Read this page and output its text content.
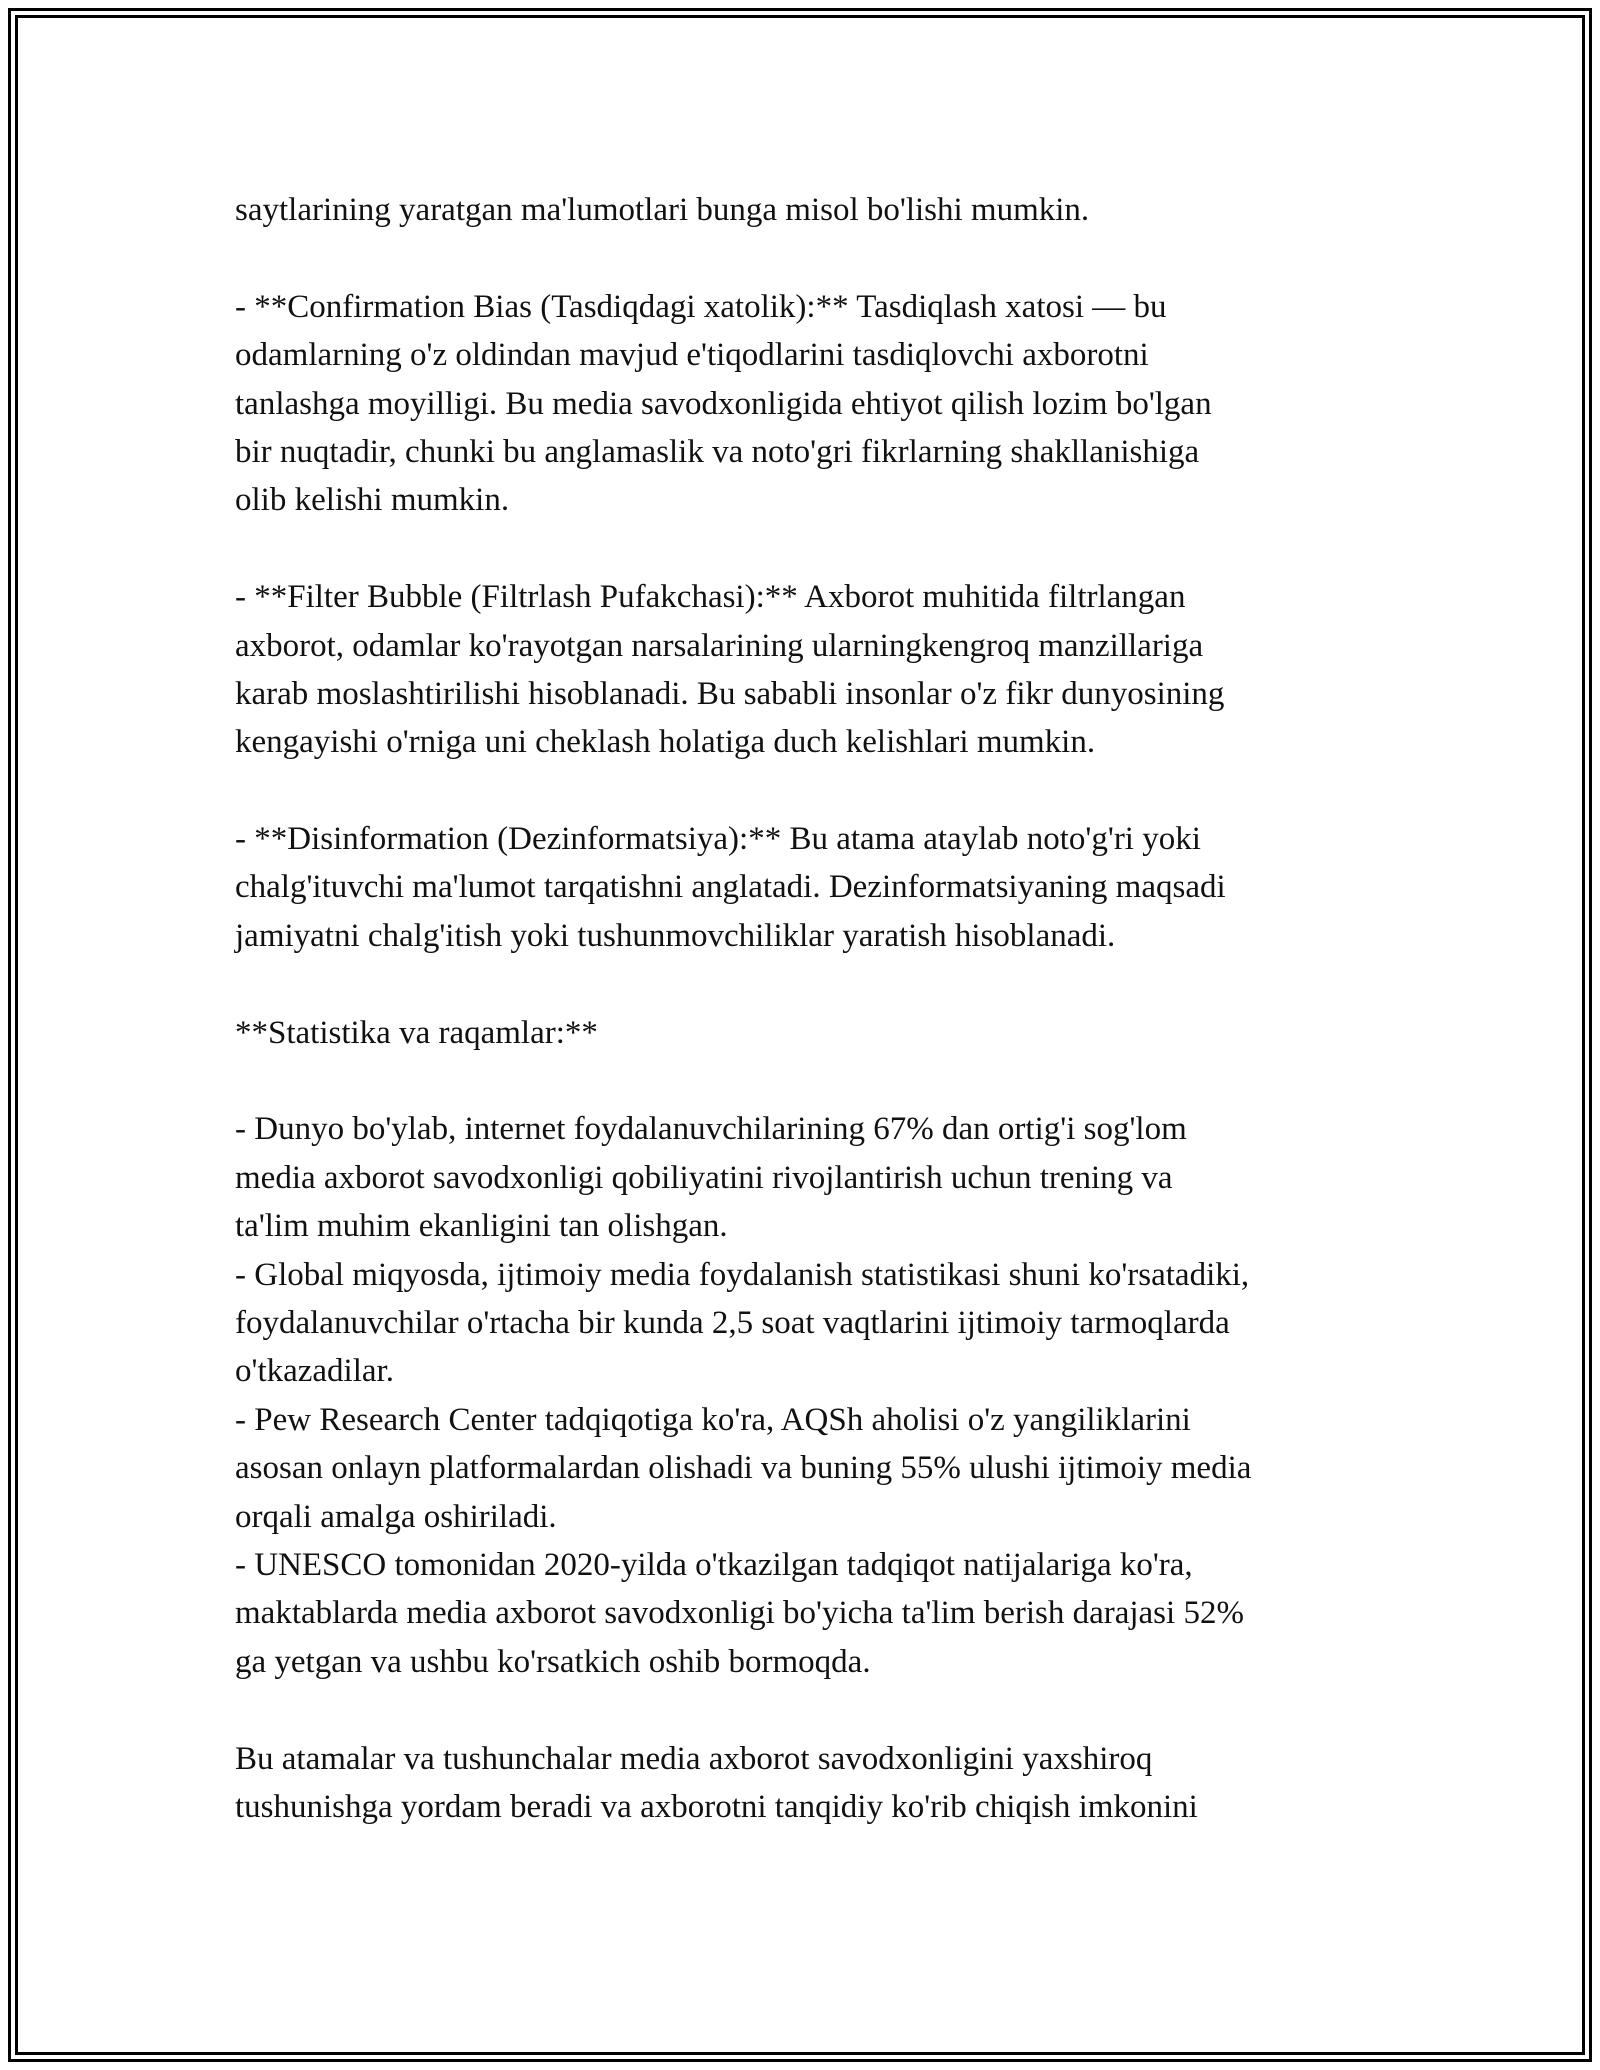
saytlarining yaratgan ma'lumotlari bunga misol bo'lishi mumkin.
- **Confirmation Bias (Tasdiqdagi xatolik):** Tasdiqlash xatosi — bu
odamlarning o'z oldindan mavjud e'tiqodlarini tasdiqlovchi axborotni
tanlashga moyilligi. Bu media savodxonligida ehtiyot qilish lozim bo'lgan
bir nuqtadir, chunki bu anglamaslik va noto'gri fikrlarning shakllanishiga
olib kelishi mumkin.
- **Filter Bubble (Filtrlash Pufakchasi):** Axborot muhitida filtrlangan
axborot, odamlar ko'rayotgan narsalarining ularningkengroq manzillariga
karab moslashtirilishi hisoblanadi. Bu sababli insonlar o'z fikr dunyosining
kengayishi o'rniga uni cheklash holatiga duch kelishlari mumkin.
- **Disinformation (Dezinformatsiya):** Bu atama ataylab noto'g'ri yoki
chalg'ituvchi ma'lumot tarqatishni anglatadi. Dezinformatsiyaning maqsadi
jamiyatni chalg'itish yoki tushunmovchiliklar yaratish hisoblanadi.
**Statistika va raqamlar:**
- Dunyo bo'ylab, internet foydalanuvchilarining 67% dan ortig'i sog'lom
media axborot savodxonligi qobiliyatini rivojlantirish uchun trening va
ta'lim muhim ekanligini tan olishgan.
- Global miqyosda, ijtimoiy media foydalanish statistikasi shuni ko'rsatadiki,
foydalanuvchilar o'rtacha bir kunda 2,5 soat vaqtlarini ijtimoiy tarmoqlarda
o'tkazadilar.
- Pew Research Center tadqiqotiga ko'ra, AQSh aholisi o'z yangiliklarini
asosan onlayn platformalardan olishadi va buning 55% ulushi ijtimoiy media
orqali amalga oshiriladi.
- UNESCO tomonidan 2020-yilda o'tkazilgan tadqiqot natijalariga ko'ra,
maktablarda media axborot savodxonligi bo'yicha ta'lim berish darajasi 52%
ga yetgan va ushbu ko'rsatkich oshib bormoqda.
Bu atamalar va tushunchalar media axborot savodxonligini yaxshiroq
tushunishga yordam beradi va axborotni tanqidiy ko'rib chiqish imkonini
